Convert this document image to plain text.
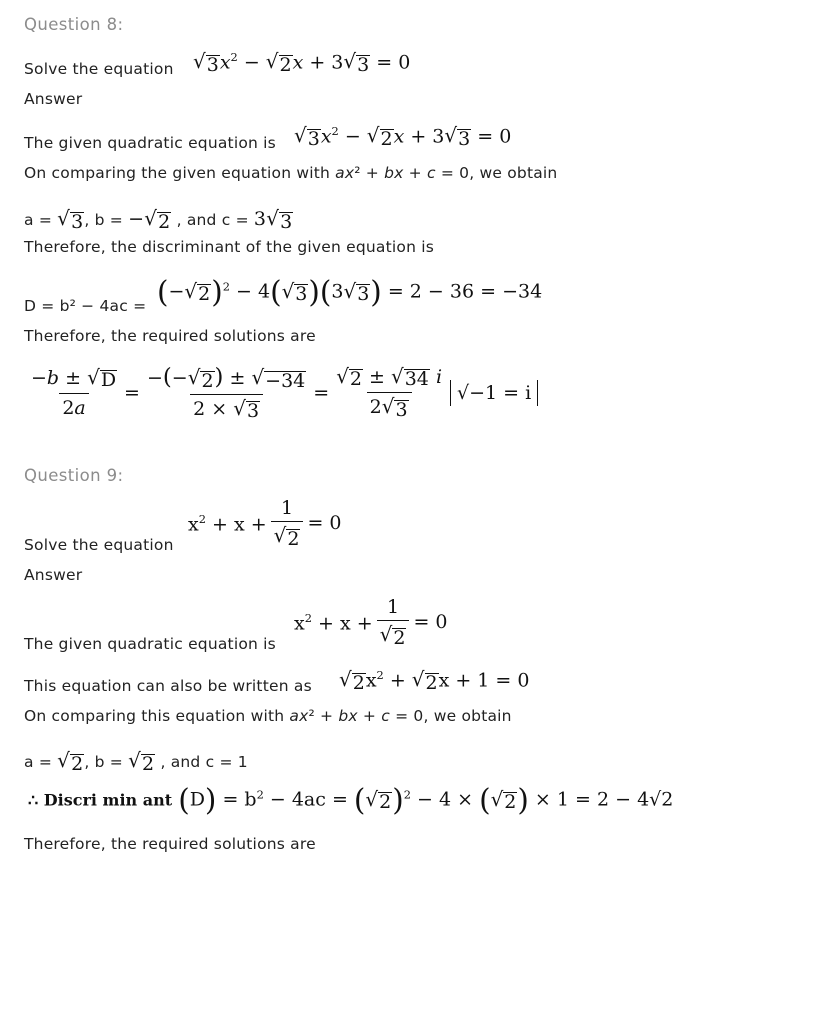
Question 8:
Solve the equation √ 3 $x^2$ − √ 2 x + 3 √ 3 = 0
Answer
The given quadratic equation is √ 3 $x^2$ − √ 2 x + 3 √ 3 = 0
On comparing the given equation with ax² + bx + c = 0, we obtain
a = √ 3 , b = − √ 2 , and c = 3 √ 3
Therefore, the discriminant of the given equation is
D = b² − 4ac = (− √ 2 )$^2$ − 4( √ 3 )(3 √ 3 ) = 2 − 36 = −34
Therefore, the required solutions are
$\frac{-b \pm √ D}{2a} = \frac{-(- √ 2 ) \pm √ -34}{2 \times √ 3} = \frac{√ 2 \pm √ 34 i}{2 √ 3} √-1 = i$
Question 9:
Solve the equation
$x^2 + x + \frac{1}{√ 2} = 0$
Answer
The given quadratic equation is
$x^2 + x + \frac{1}{√ 2} = 0$
This equation can also be written as √ 2 $x^2$ + √ 2 x + 1 = 0
On comparing this equation with ax² + bx + c = 0, we obtain
a = √ 2 , b = √ 2 , and c = 1
∴ Discri min ant $(D) = b^2 - 4ac$ = ( √ 2 )$^2$ − 4 × ( √ 2 ) × 1 = 2 − 4√2
Therefore, the required solutions are
